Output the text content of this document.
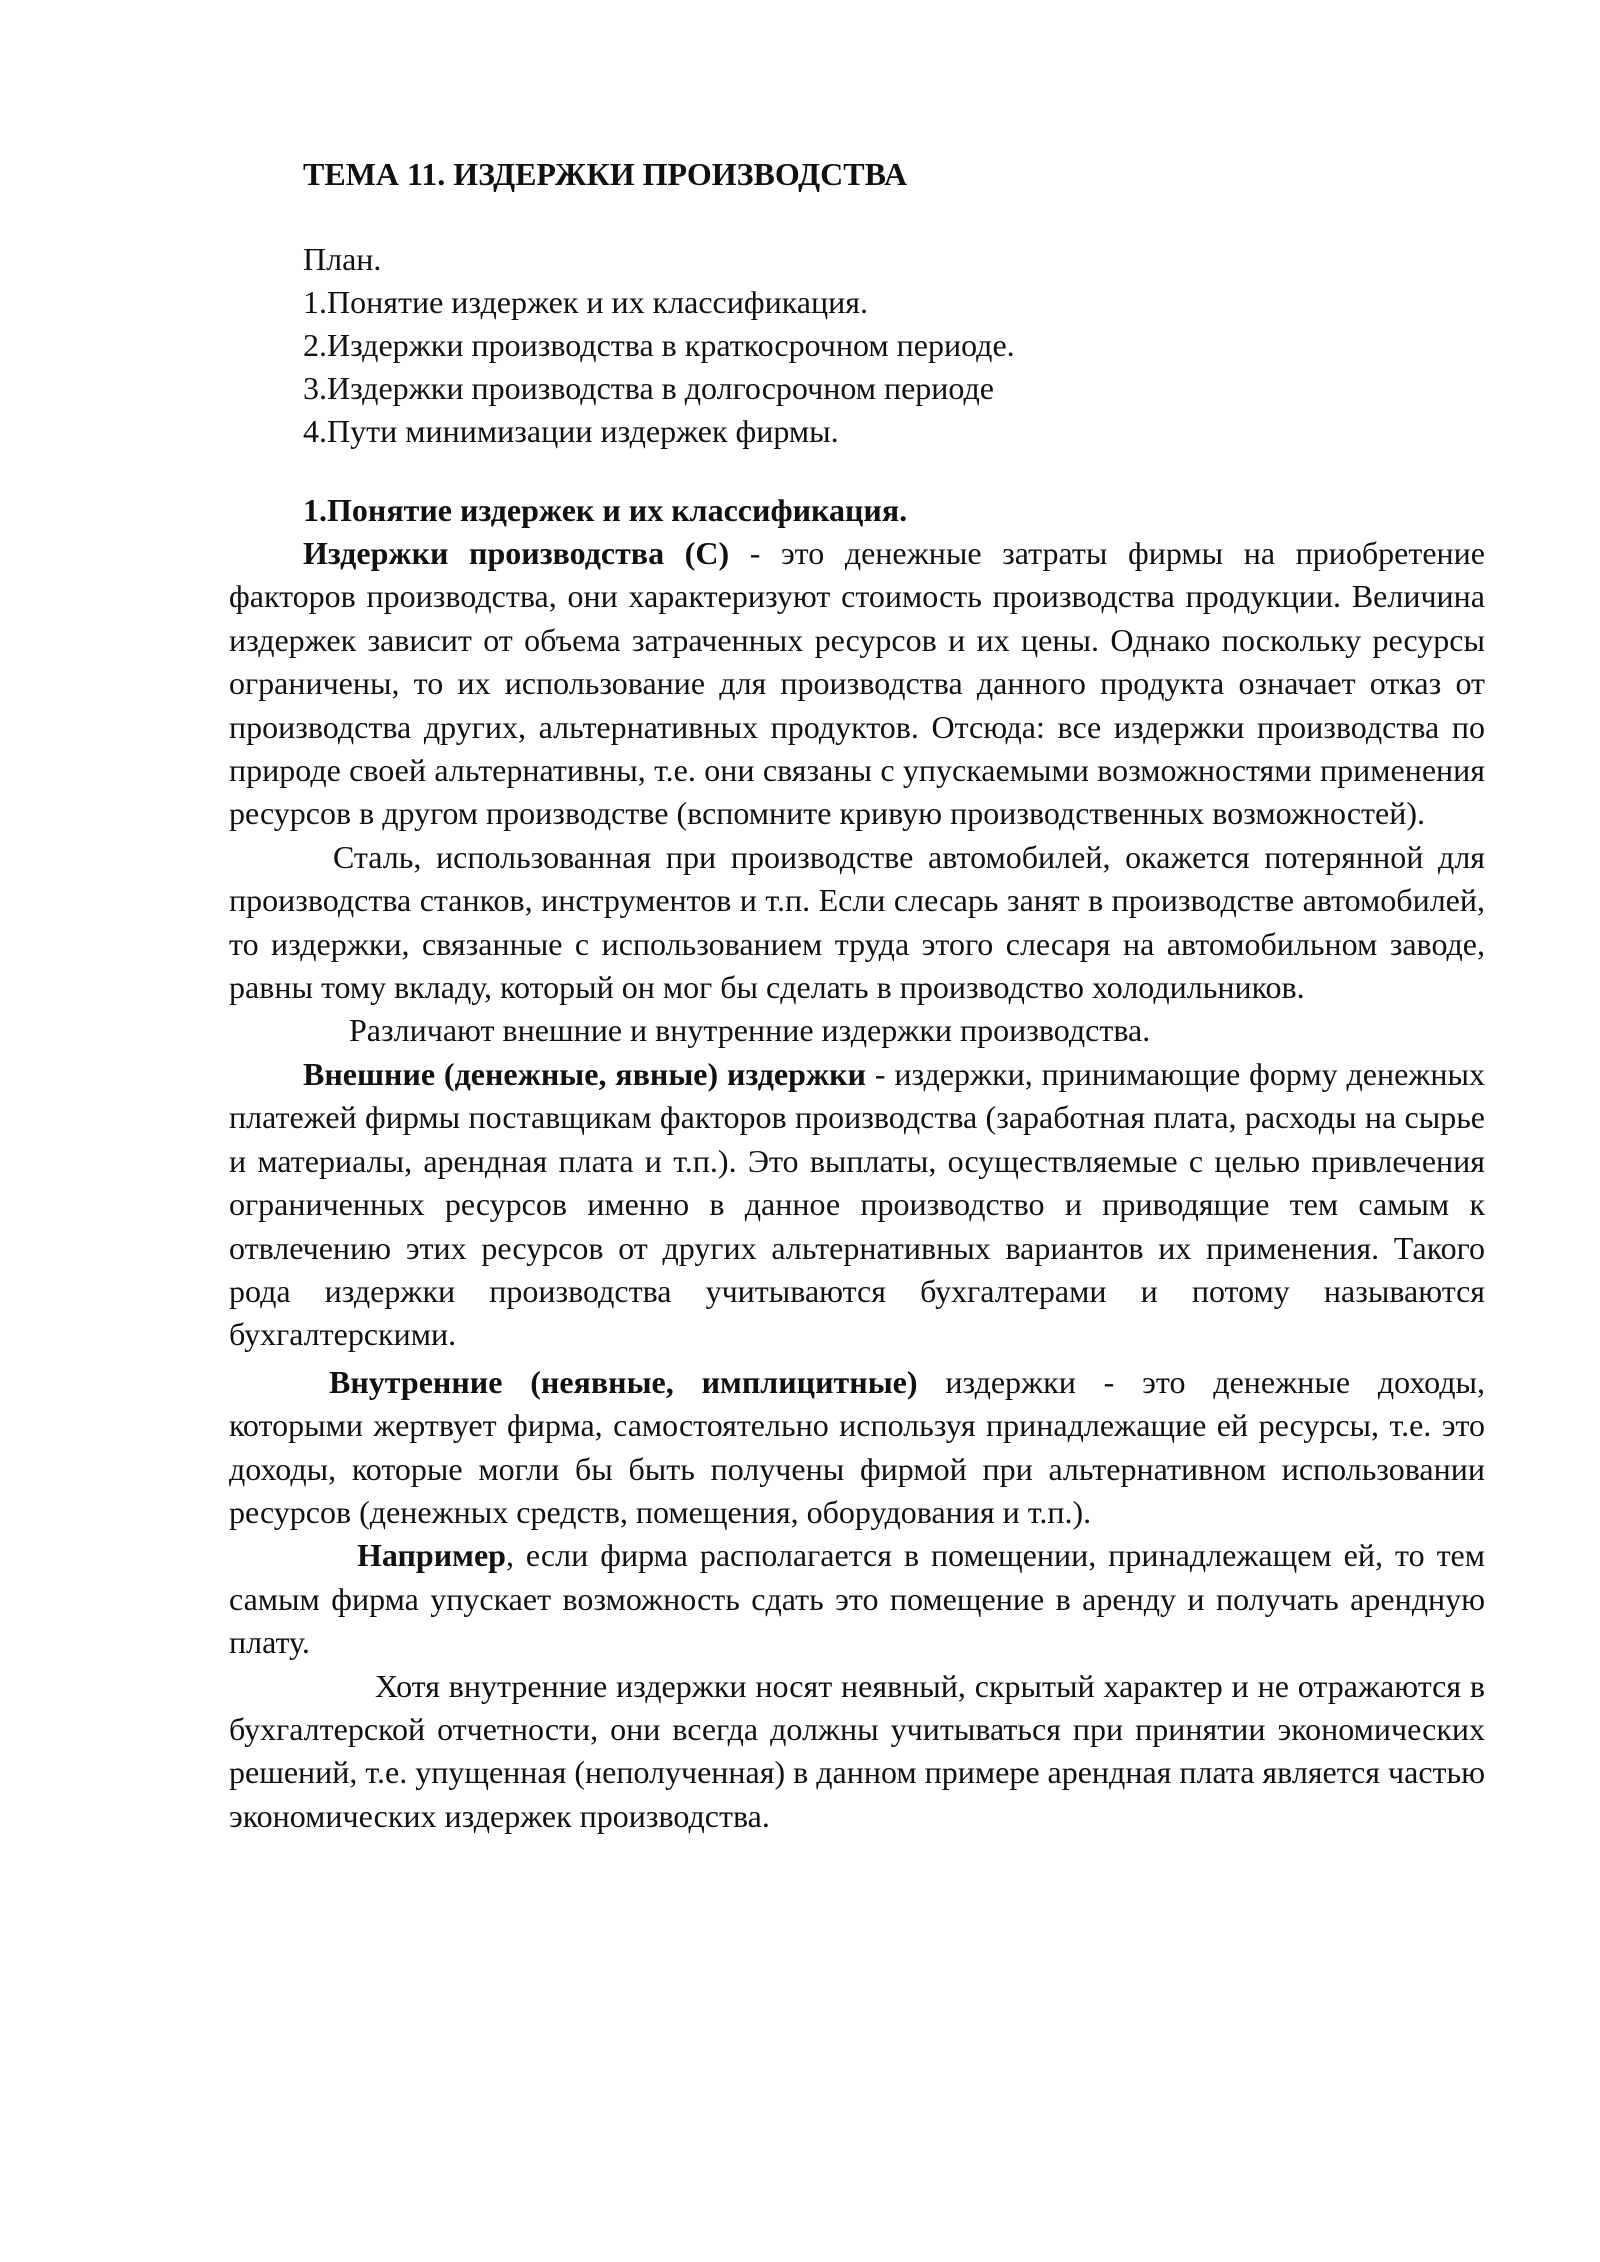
ТЕМА 11. ИЗДЕРЖКИ ПРОИЗВОДСТВА
План.
1.Понятие издержек и их классификация.
2.Издержки производства в краткосрочном периоде.
3.Издержки производства в долгосрочном периоде
4.Пути минимизации издержек фирмы.
1.Понятие издержек и их классификация.

Издержки производства (С) - это денежные затраты фирмы на приобретение факторов производства, они характеризуют стоимость производства продукции. Величина издержек зависит от объема затраченных ресурсов и их цены. Однако поскольку ресурсы ограничены, то их использование для производства данного продукта означает отказ от производства других, альтернативных продуктов. Отсюда: все издержки производства по природе своей альтернативны, т.е. они связаны с упускаемыми возможностями применения ресурсов в другом производстве (вспомните кривую производственных возможностей).

Сталь, использованная при производстве автомобилей, окажется потерянной для производства станков, инструментов и т.п. Если слесарь занят в производстве автомобилей, то издержки, связанные с использованием труда этого слесаря на автомобильном заводе, равны тому вкладу, который он мог бы сделать в производство холодильников.

Различают внешние и внутренние издержки производства.

Внешние (денежные, явные) издержки - издержки, принимающие форму денежных платежей фирмы поставщикам факторов производства (заработная плата, расходы на сырье и материалы, арендная плата и т.п.). Это выплаты, осуществляемые с целью привлечения ограниченных ресурсов именно в данное производство и приводящие тем самым к отвлечению этих ресурсов от других альтернативных вариантов их применения. Такого рода издержки производства учитываются бухгалтерами и потому называются бухгалтерскими.

Внутренние (неявные, имплицитные) издержки - это денежные доходы, которыми жертвует фирма, самостоятельно используя принадлежащие ей ресурсы, т.е. это доходы, которые могли бы быть получены фирмой при альтернативном использовании ресурсов (денежных средств, помещения, оборудования и т.п.).

Например, если фирма располагается в помещении, принадлежащем ей, то тем самым фирма упускает возможность сдать это помещение в аренду и получать арендную плату.

Хотя внутренние издержки носят неявный, скрытый характер и не отражаются в бухгалтерской отчетности, они всегда должны учитываться при принятии экономических решений, т.е. упущенная (неполученная) в данном примере арендная плата является частью экономических издержек производства.
